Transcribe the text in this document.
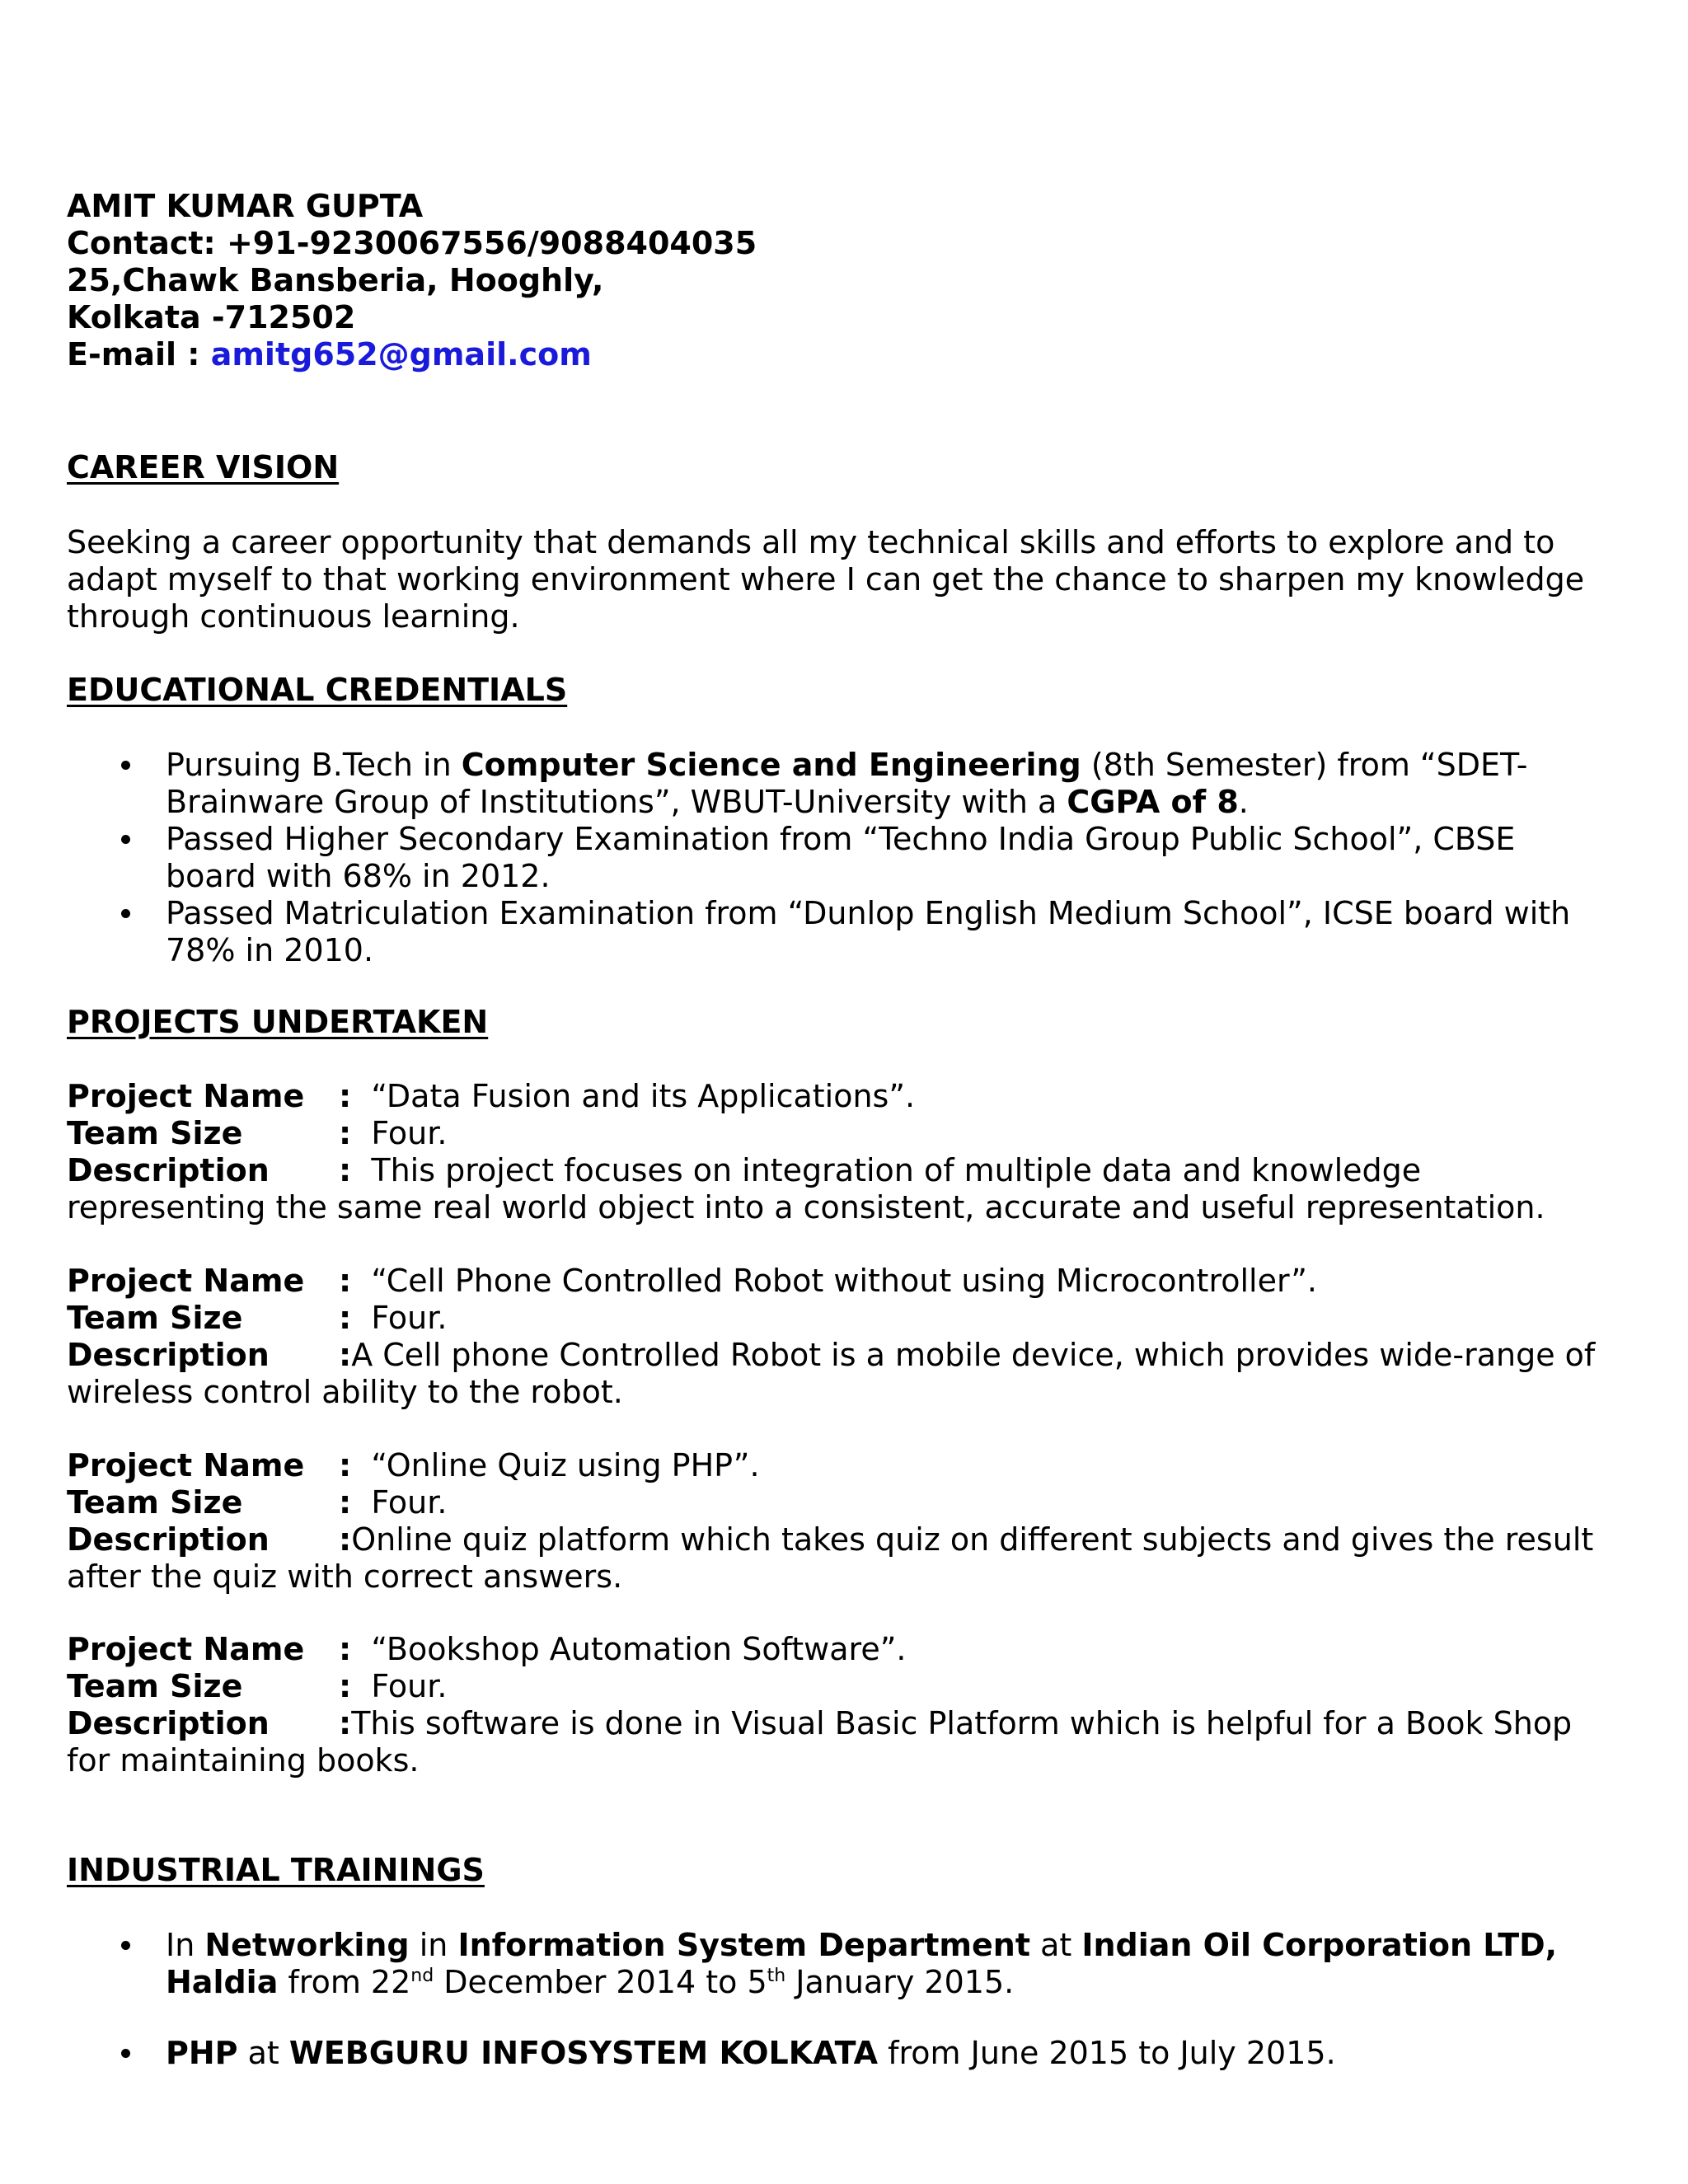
AMIT KUMAR GUPTA
Contact: +91-9230067556/9088404035
25,Chawk Bansberia, Hooghly,
Kolkata -712502
E-mail : amitg652@gmail.com
CAREER VISION
Seeking a career opportunity that demands all my technical skills and efforts to explore and to adapt myself to that working environment where I can get the chance to sharpen my knowledge through continuous learning.
EDUCATIONAL CREDENTIALS
Pursuing B.Tech in Computer Science and Engineering (8th Semester) from “SDET-Brainware Group of Institutions”, WBUT-University with a CGPA of 8.
Passed Higher Secondary Examination from “Techno India Group Public School”, CBSE board with 68% in 2012.
Passed Matriculation Examination from “Dunlop English Medium School”, ICSE board with 78% in 2010.
PROJECTS UNDERTAKEN
Project Name : “Data Fusion and its Applications”.
Team Size	: Four.
Description : This project focuses on integration of multiple data and knowledge representing the same real world object into a consistent, accurate and useful representation.
Project Name : “Cell Phone Controlled Robot without using Microcontroller”.
Team Size	: Four.
Description :A Cell phone Controlled Robot is a mobile device, which provides wide-range of wireless control ability to the robot.
Project Name : “Online Quiz using PHP”.
Team Size	: Four.
Description :Online quiz platform which takes quiz on different subjects and gives the result after the quiz with correct answers.
Project Name : “Bookshop Automation Software”.
Team Size	: Four.
Description :This software is done in Visual Basic Platform which is helpful for a Book Shop for maintaining books.
INDUSTRIAL TRAININGS
In Networking in Information System Department at Indian Oil Corporation LTD, Haldia from 22nd December 2014 to 5th January 2015.
PHP at WEBGURU INFOSYSTEM KOLKATA from June 2015 to July 2015.
